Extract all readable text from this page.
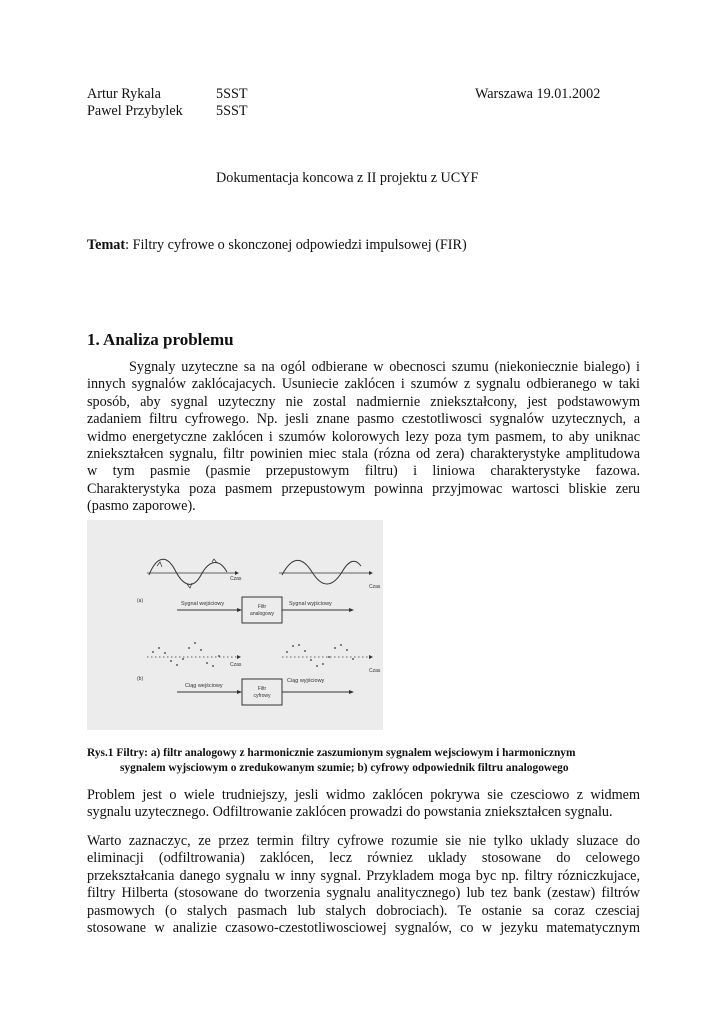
Artur Rykala	5SST	Warszawa 19.01.2002
Pawel Przybylek 5SST
Dokumentacja koncowa z II projektu z UCYF
Temat: Filtry cyfrowe o skonczonej odpowiedzi impulsowej (FIR)
1. Analiza problemu
Sygnaly uzyteczne sa na ogól odbierane w obecnosci szumu (niekoniecznie bialego) i
innych sygnalów zaklócajacych. Usuniecie zaklócen i szumów z sygnalu odbieranego w taki
sposób, aby sygnal uzyteczny nie zostal nadmiernie zniekształcony, jest podstawowym
zadaniem filtru cyfrowego. Np. jesli znane pasmo czestotliwosci sygnalów uzytecznych, a
widmo energetyczne zaklócen i szumów kolorowych lezy poza tym pasmem, to aby uniknac
zniekształcen sygnalu, filtr powinien miec stala (rózna od zera) charakterystyke amplitudowa
w tym pasmie (pasmie przepustowym filtru) i liniowa charakterystyke fazowa.
Charakterystyka poza pasmem przepustowym powinna przyjmowac wartosci bliskie zeru
(pasmo zaporowe).
(a)
Czas
Czas
Sygnal wejściowy	Filtr
analogowy
Sygnal wyjściowy
(b)
Czas
Czas
Ciąg wejściowy	Filtr
cyfrowy
Ciąg wyjściowy
Rys.1 Filtry: a) filtr analogowy z harmonicznie zaszumionym sygnalem wejsciowym i harmonicznym
sygnalem wyjsciowym o zredukowanym szumie; b) cyfrowy odpowiednik filtru analogowego
Problem jest o wiele trudniejszy, jesli widmo zaklócen pokrywa sie czesciowo z widmem
sygnalu uzytecznego. Odfiltrowanie zaklócen prowadzi do powstania zniekształcen sygnalu.
Warto zaznaczyc, ze przez termin filtry cyfrowe rozumie sie nie tylko uklady sluzace do
eliminacji (odfiltrowania) zaklócen, lecz równiez uklady stosowane do celowego
przekształcania danego sygnalu w inny sygnal. Przykladem moga byc np. filtry rózniczkujace,
filtry Hilberta (stosowane do tworzenia sygnalu analitycznego) lub tez bank (zestaw) filtrów
pasmowych (o stalych pasmach lub stalych dobrociach). Te ostanie sa coraz czesciaj
stosowane w analizie czasowo-czestotliwosciowej sygnalów, co w jezyku matematycznym
